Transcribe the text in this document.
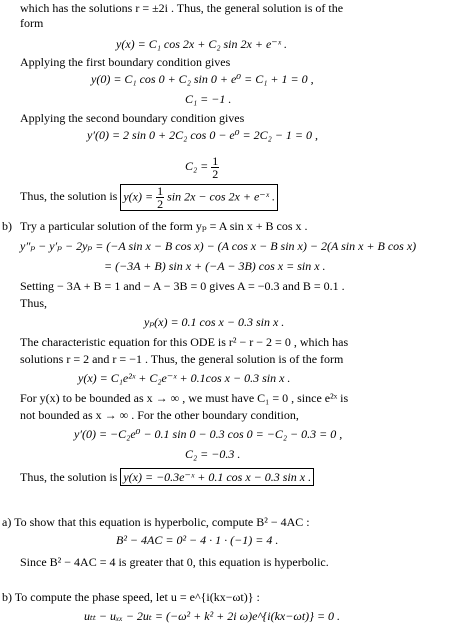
which has the solutions r = ±2i . Thus, the general solution is of the
form
y(x) = C₁ cos 2x + C₂ sin 2x + e⁻ˣ .
Applying the first boundary condition gives
y(0) = C₁ cos 0 + C₂ sin 0 + e⁰ = C₁ + 1 = 0 ,
C₁ = −1 .
Applying the second boundary condition gives
y′(0) = 2 sin 0 + 2C₂ cos 0 − e⁰ = 2C₂ − 1 = 0 ,
$C_2 = \frac{1}{2}$
Thus, the solution is $y(x) = \frac{1}{2}$ sin 2x − cos 2x + e⁻ˣ .
b) Try a particular solution of the form yₚ = A sin x + B cos x .
y″ₚ − y′ₚ − 2yₚ = (−A sin x − B cos x) − (A cos x − B sin x) − 2(A sin x + B cos x)
= (−3A + B) sin x + (−A − 3B) cos x = sin x .
Setting − 3A + B = 1 and − A − 3B = 0 gives A = −0.3 and B = 0.1 .
Thus,
yₚ(x) = 0.1 cos x − 0.3 sin x .
The characteristic equation for this ODE is r² − r − 2 = 0 , which has
solutions r = 2 and r = −1 . Thus, the general solution is of the form
y(x) = C₁e²ˣ + C₂e⁻ˣ + 0.1cos x − 0.3 sin x .
For y(x) to be bounded as x → ∞ , we must have C₁ = 0 , since e²ˣ is
not bounded as x → ∞ . For the other boundary condition,
y′(0) = −C₂e⁰ − 0.1 sin 0 − 0.3 cos 0 = −C₂ − 0.3 = 0 ,
C₂ = −0.3 .
Thus, the solution is y(x) = −0.3e⁻ˣ + 0.1 cos x − 0.3 sin x .
a) To show that this equation is hyperbolic, compute B² − 4AC :
B² − 4AC = 0² − 4 · 1 · (−1) = 4 .
Since B² − 4AC = 4 is greater that 0, this equation is hyperbolic.
b) To compute the phase speed, let u = e^{i(kx−ωt)} :
uₜₜ − uₓₓ − 2uₜ = (−ω² + k² + 2i ω)e^{i(kx−ωt)} = 0 .
